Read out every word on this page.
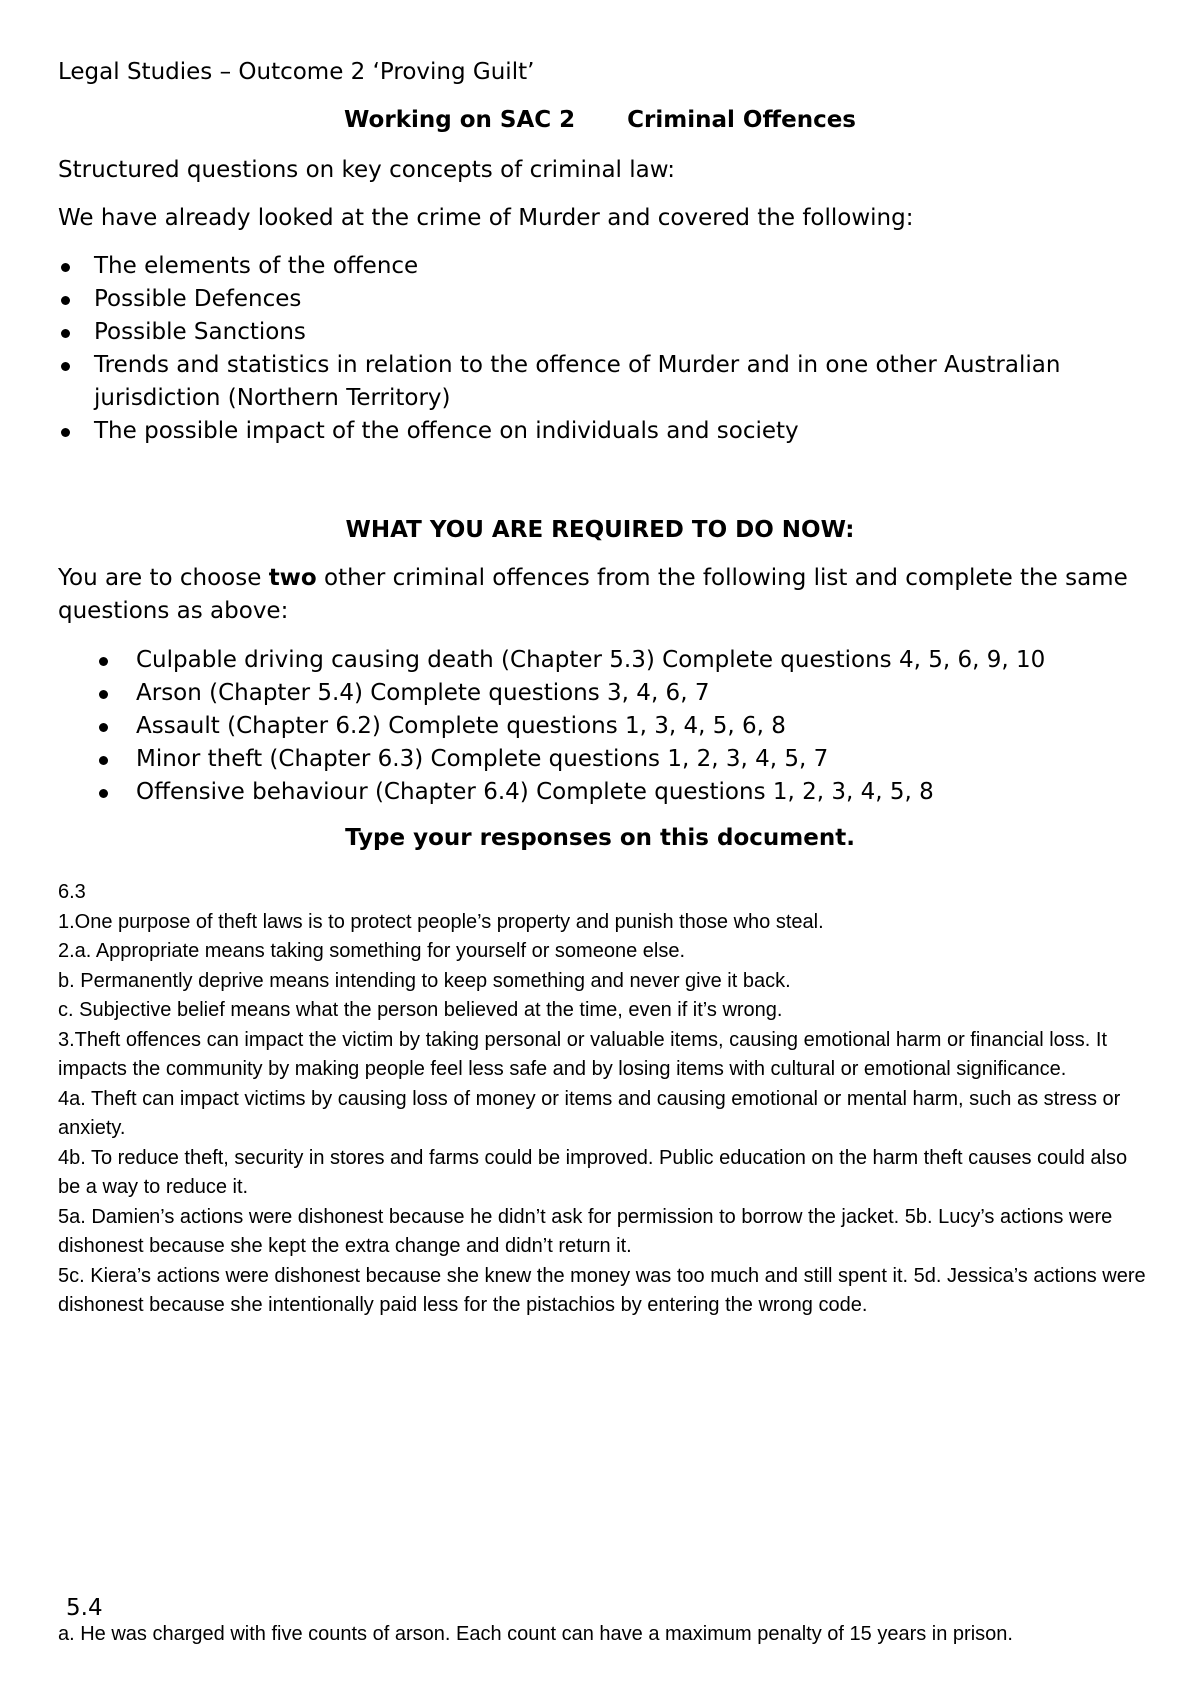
Legal Studies – Outcome 2 ‘Proving Guilt’
Working on SAC 2 Criminal Offences
Structured questions on key concepts of criminal law:
We have already looked at the crime of Murder and covered the following:
The elements of the offence
Possible Defences
Possible Sanctions
Trends and statistics in relation to the offence of Murder and in one other Australian jurisdiction (Northern Territory)
The possible impact of the offence on individuals and society
WHAT YOU ARE REQUIRED TO DO NOW:
You are to choose two other criminal offences from the following list and complete the same questions as above:
Culpable driving causing death (Chapter 5.3) Complete questions 4, 5, 6, 9, 10
Arson (Chapter 5.4) Complete questions 3, 4, 6, 7
Assault (Chapter 6.2) Complete questions 1, 3, 4, 5, 6, 8
Minor theft (Chapter 6.3) Complete questions 1, 2, 3, 4, 5, 7
Offensive behaviour (Chapter 6.4) Complete questions 1, 2, 3, 4, 5, 8
Type your responses on this document.

6.3

1.One purpose of theft laws is to protect people’s property and punish those who steal.

2.a. Appropriate means taking something for yourself or someone else.

b. Permanently deprive means intending to keep something and never give it back.

c. Subjective belief means what the person believed at the time, even if it’s wrong.

3.Theft offences can impact the victim by taking personal or valuable items, causing emotional harm or financial loss. It impacts the community by making people feel less safe and by losing items with cultural or emotional significance.

4a. Theft can impact victims by causing loss of money or items and causing emotional or mental harm, such as stress or anxiety.

4b. To reduce theft, security in stores and farms could be improved. Public education on the harm theft causes could also be a way to reduce it.

5a. Damien’s actions were dishonest because he didn’t ask for permission to borrow the jacket. 5b. Lucy’s actions were dishonest because she kept the extra change and didn’t return it.

5c. Kiera’s actions were dishonest because she knew the money was too much and still spent it. 5d. Jessica’s actions were dishonest because she intentionally paid less for the pistachios by entering the wrong code.

5.4
a. He was charged with five counts of arson. Each count can have a maximum penalty of 15 years in prison.
